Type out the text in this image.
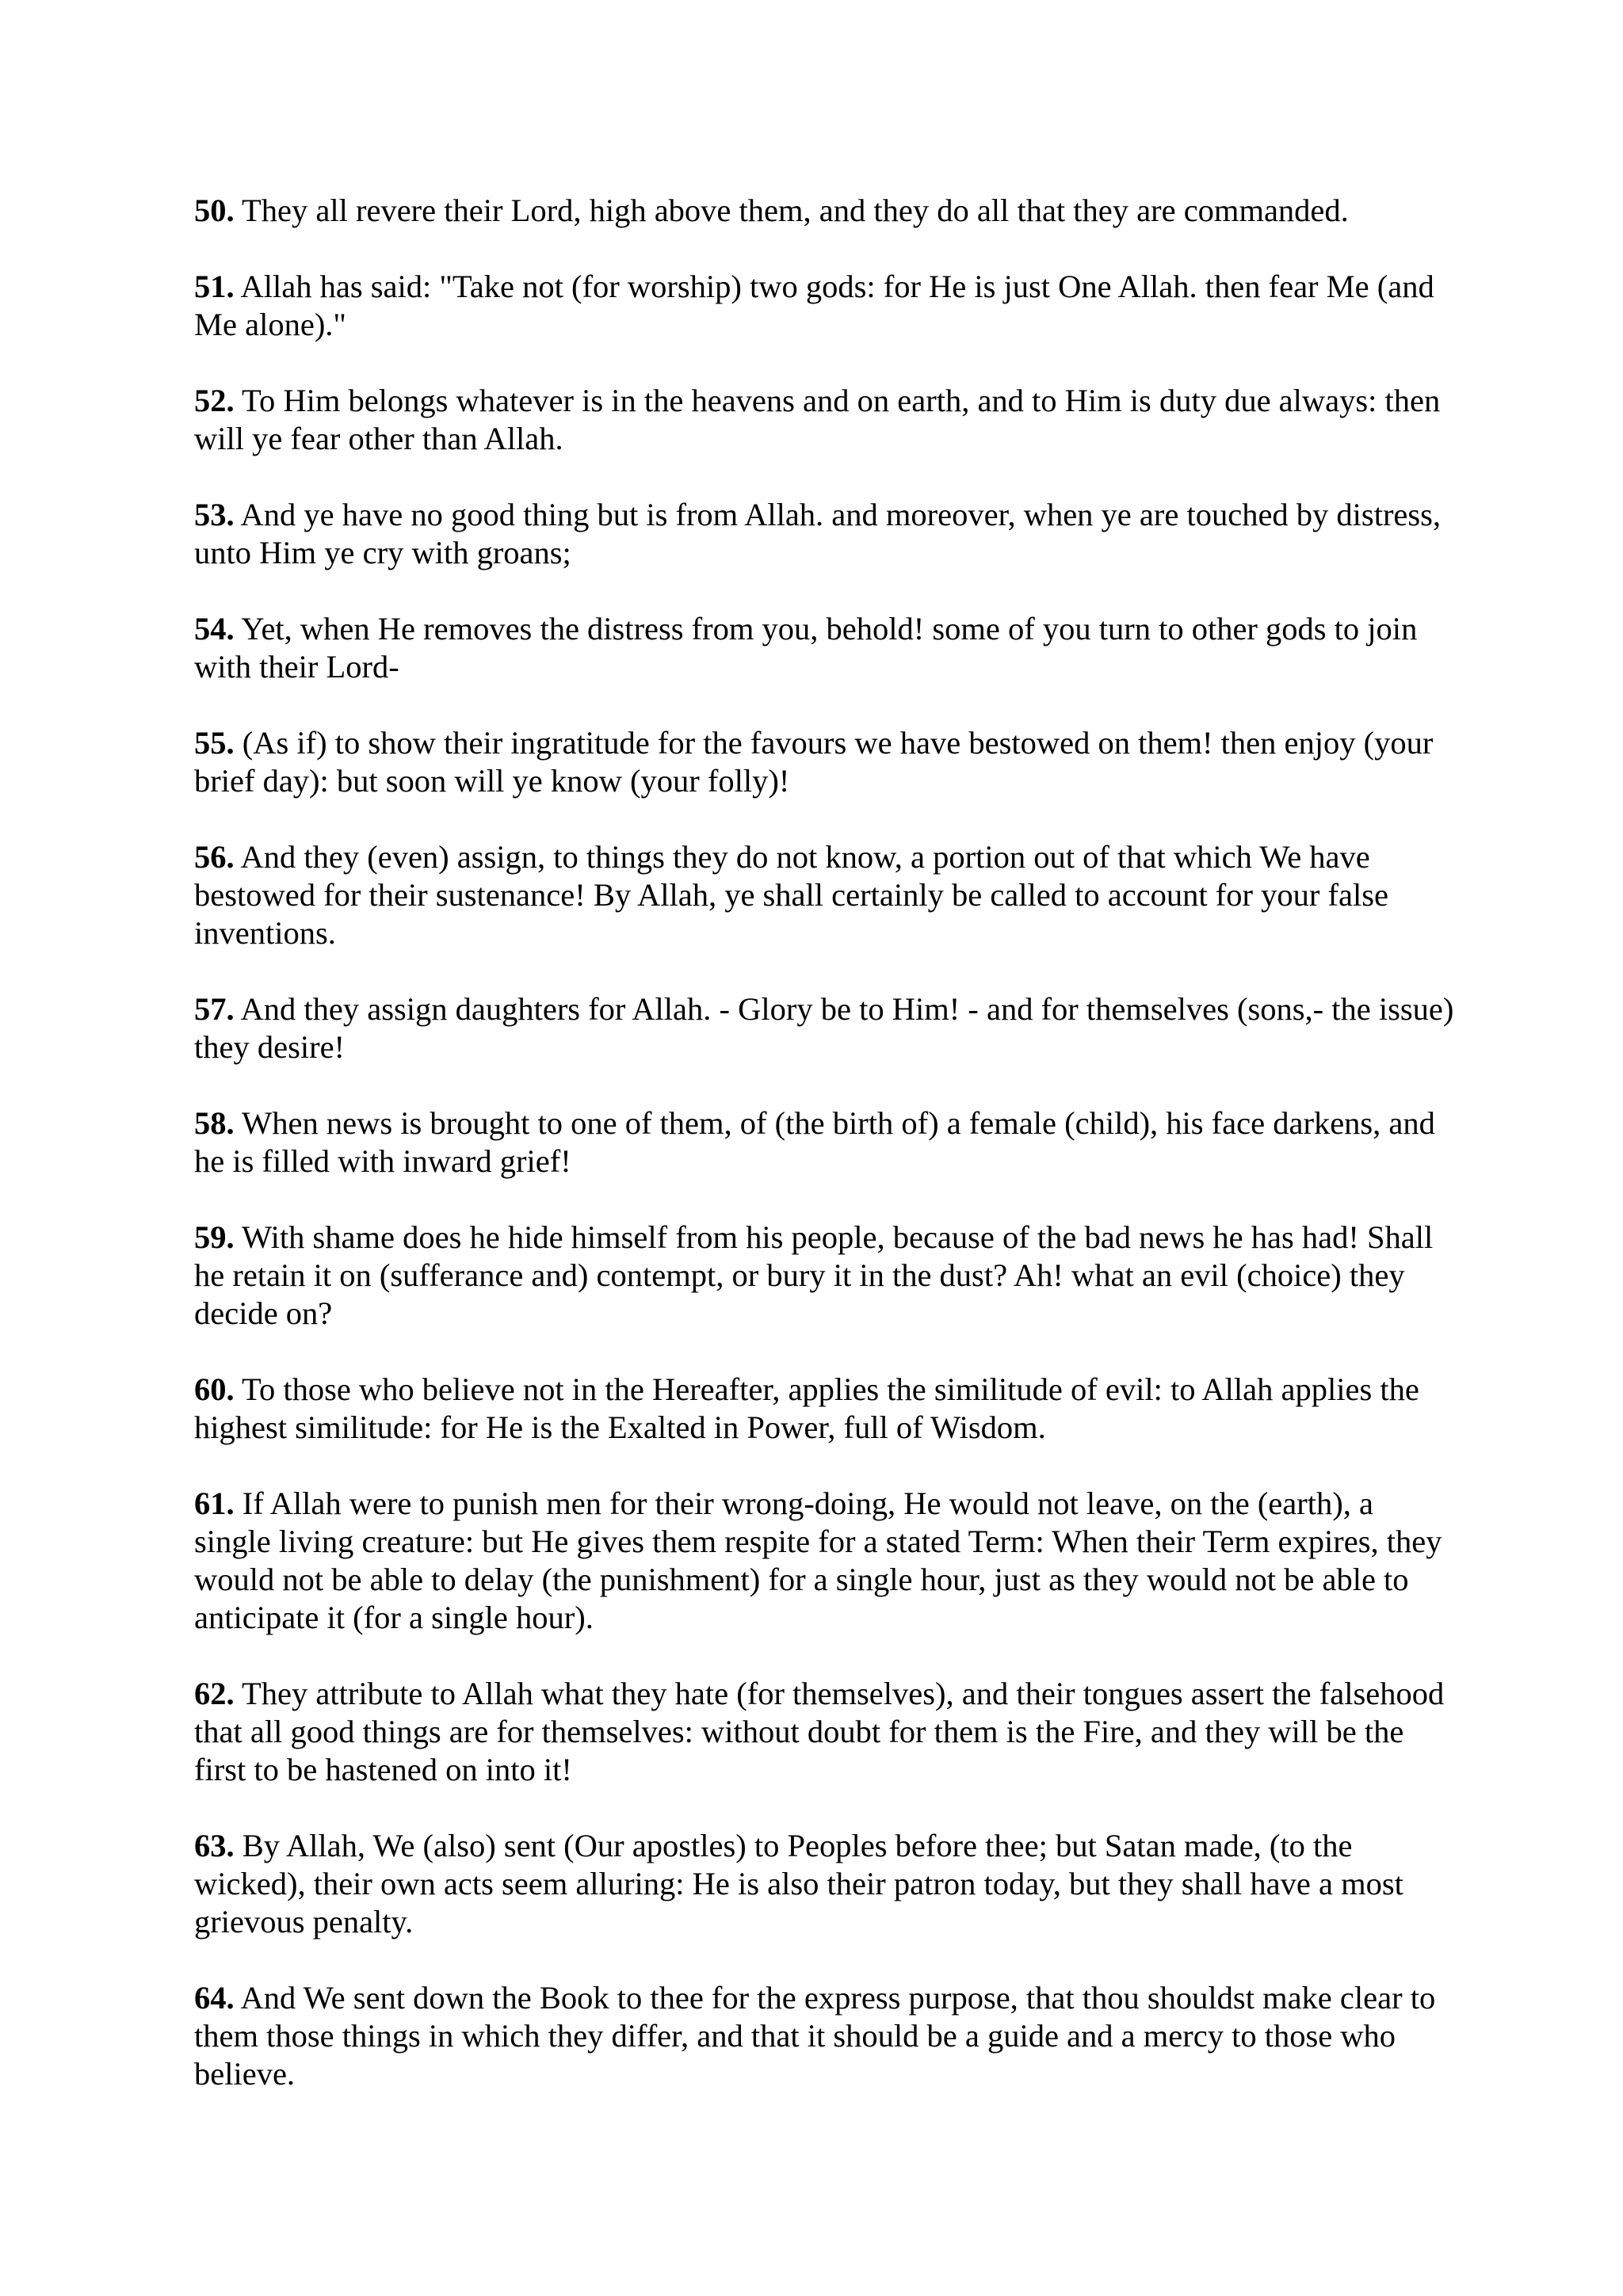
50. They all revere their Lord, high above them, and they do all that they are commanded.

51. Allah has said: "Take not (for worship) two gods: for He is just One Allah. then fear Me (and Me alone)."

52. To Him belongs whatever is in the heavens and on earth, and to Him is duty due always: then will ye fear other than Allah.

53. And ye have no good thing but is from Allah. and moreover, when ye are touched by distress, unto Him ye cry with groans;

54. Yet, when He removes the distress from you, behold! some of you turn to other gods to join with their Lord-

55. (As if) to show their ingratitude for the favours we have bestowed on them! then enjoy (your brief day): but soon will ye know (your folly)!

56. And they (even) assign, to things they do not know, a portion out of that which We have bestowed for their sustenance! By Allah, ye shall certainly be called to account for your false inventions.

57. And they assign daughters for Allah. - Glory be to Him! - and for themselves (sons,- the issue) they desire!

58. When news is brought to one of them, of (the birth of) a female (child), his face darkens, and he is filled with inward grief!

59. With shame does he hide himself from his people, because of the bad news he has had! Shall he retain it on (sufferance and) contempt, or bury it in the dust? Ah! what an evil (choice) they decide on?

60. To those who believe not in the Hereafter, applies the similitude of evil: to Allah applies the highest similitude: for He is the Exalted in Power, full of Wisdom.

61. If Allah were to punish men for their wrong-doing, He would not leave, on the (earth), a single living creature: but He gives them respite for a stated Term: When their Term expires, they would not be able to delay (the punishment) for a single hour, just as they would not be able to anticipate it (for a single hour).

62. They attribute to Allah what they hate (for themselves), and their tongues assert the falsehood that all good things are for themselves: without doubt for them is the Fire, and they will be the first to be hastened on into it!

63. By Allah, We (also) sent (Our apostles) to Peoples before thee; but Satan made, (to the wicked), their own acts seem alluring: He is also their patron today, but they shall have a most grievous penalty.

64. And We sent down the Book to thee for the express purpose, that thou shouldst make clear to them those things in which they differ, and that it should be a guide and a mercy to those who believe.
